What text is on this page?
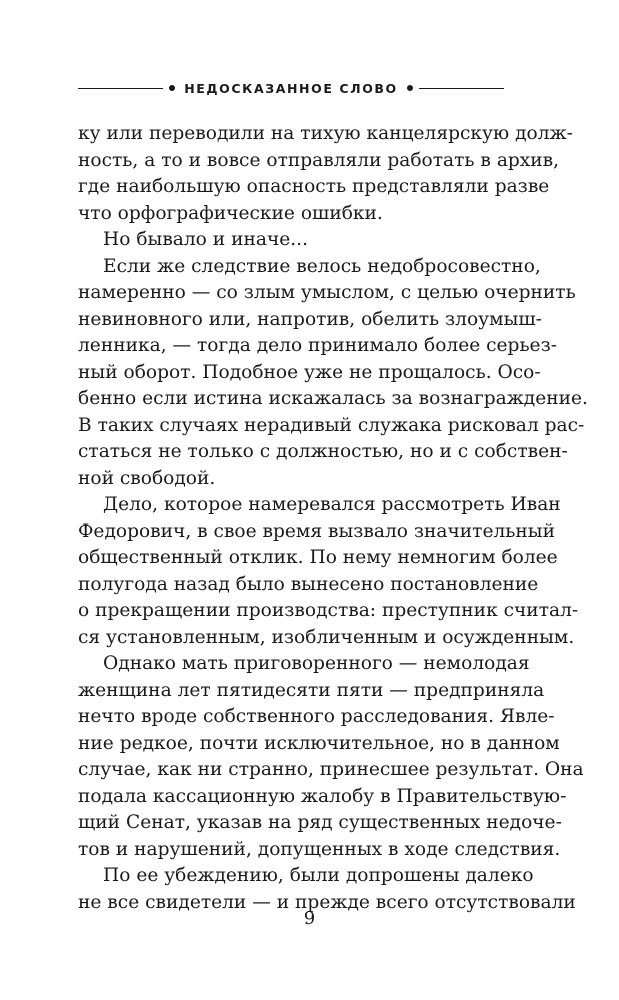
НЕДОСКАЗАННОЕ СЛОВО
ку или переводили на тихую канцелярскую долж-
ность, а то и вовсе отправляли работать в архив,
где наибольшую опасность представляли разве
что орфографические ошибки.
Но бывало и иначе...
Если же следствие велось недобросовестно,
намеренно — со злым умыслом, с целью очернить
невиновного или, напротив, обелить злоумыш-
ленника, — тогда дело принимало более серьез-
ный оборот. Подобное уже не прощалось. Осо-
бенно если истина искажалась за вознаграждение.
В таких случаях нерадивый служака рисковал рас-
статься не только с должностью, но и с собствен-
ной свободой.
Дело, которое намеревался рассмотреть Иван
Федорович, в свое время вызвало значительный
общественный отклик. По нему немногим более
полугода назад было вынесено постановление
о прекращении производства: преступник считал-
ся установленным, изобличенным и осужденным.
Однако мать приговоренного — немолодая
женщина лет пятидесяти пяти — предприняла
нечто вроде собственного расследования. Явле-
ние редкое, почти исключительное, но в данном
случае, как ни странно, принесшее результат. Она
подала кассационную жалобу в Правительствую-
щий Сенат, указав на ряд существенных недоче-
тов и нарушений, допущенных в ходе следствия.
По ее убеждению, были допрошены далеко
не все свидетели — и прежде всего отсутствовали
9
